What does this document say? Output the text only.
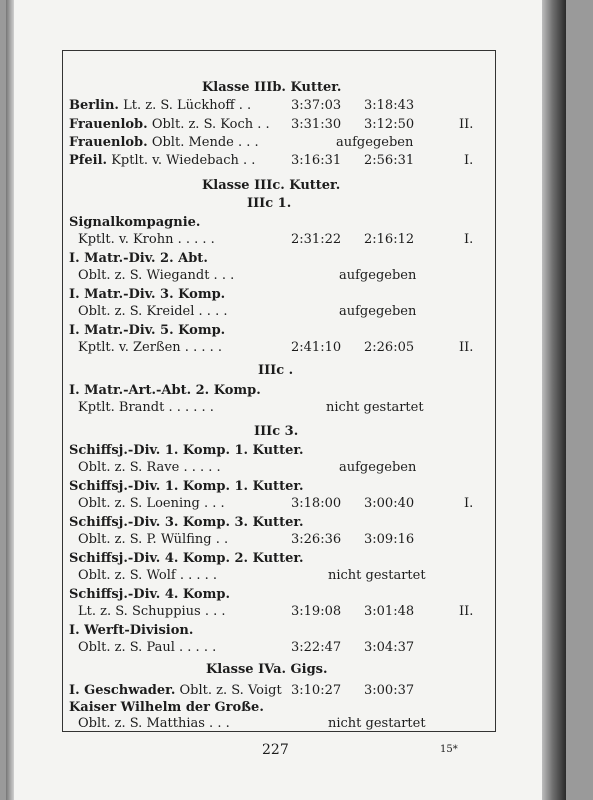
Klasse IIIb. Kutter.
Berlin. Lt. z. S. Lückhoff . .	3:37:03 3:18:43
Frauenlob. Oblt. z. S. Koch . . 3:31:30 3:12:50	II.
Frauenlob. Oblt. Mende . . .	aufgegeben
Pfeil. Kptlt. v. Wiedebach . .	3:16:31 2:56:31	I.
Klasse IIIc. Kutter.
IIIc 1.
Signalkompagnie.
Kptlt. v. Krohn . . . . .	2:31:22 2:16:12	I.
I. Matr.-Div. 2. Abt.
Oblt. z. S. Wiegandt . . .	aufgegeben
I. Matr.-Div. 3. Komp.
Oblt. z. S. Kreidel . . . .	aufgegeben
I. Matr.-Div. 5. Komp.
Kptlt. v. Zerßen . . . . .	2:41:10 2:26:05	II.
IIIc .
I. Matr.-Art.-Abt. 2. Komp.
Kptlt. Brandt . . . . . .	nicht gestartet
IIIc 3.
Schiffsj.-Div. 1. Komp. 1. Kutter.
Oblt. z. S. Rave . . . . .	aufgegeben
Schiffsj.-Div. 1. Komp. 1. Kutter.
Oblt. z. S. Loening . . .	3:18:00 3:00:40	I.
Schiffsj.-Div. 3. Komp. 3. Kutter.
Oblt. z. S. P. Wülfing . .	3:26:36 3:09:16
Schiffsj.-Div. 4. Komp. 2. Kutter.
Oblt. z. S. Wolf . . . . .	nicht gestartet
Schiffsj.-Div. 4. Komp.
Lt. z. S. Schuppius . . .	3:19:08 3:01:48	II.
I. Werft-Division.
Oblt. z. S. Paul . . . . .	3:22:47 3:04:37
Klasse IVa. Gigs.
I. Geschwader. Oblt. z. S. Voigt 3:10:27 3:00:37
Kaiser Wilhelm der Große.
Oblt. z. S. Matthias . . .	nicht gestartet
227	15*
